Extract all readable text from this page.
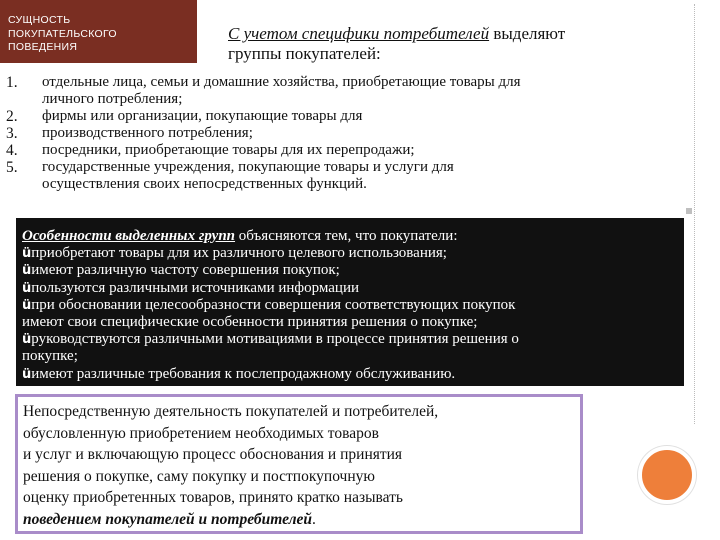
СУЩНОСТЬ
ПОКУПАТЕЛЬСКОГО
ПОВЕДЕНИЯ
С учетом специфики потребителей выделяют
группы покупателей:
1.	отдельные лица, семьи и домашние хозяйства, приобретающие товары для
личного потребления;
2.	фирмы или организации, покупающие товары для
3.	производственного потребления;
4.	посредники, приобретающие товары для их перепродажи;
5.	государственные учреждения, покупающие товары и услуги для
осуществления своих непосредственных функций.
Особенности выделенных групп объясняются тем, что покупатели:
üприобретают товары для их различного целевого использования;
üимеют различную частоту совершения покупок;
üпользуются различными источниками информации
üпри обосновании целесообразности совершения соответствующих покупок
имеют свои специфические особенности принятия решения о покупке;
üруководствуются различными мотивациями в процессе принятия решения о
покупке;
üимеют различные требования к послепродажному обслуживанию.
Непосредственную деятельность покупателей и потребителей,
обусловленную приобретением необходимых товаров
и услуг и включающую процесс обоснования и принятия
решения о покупке, саму покупку и постпокупочную
оценку приобретенных товаров, принято кратко называть
поведением покупателей и потребителей.
